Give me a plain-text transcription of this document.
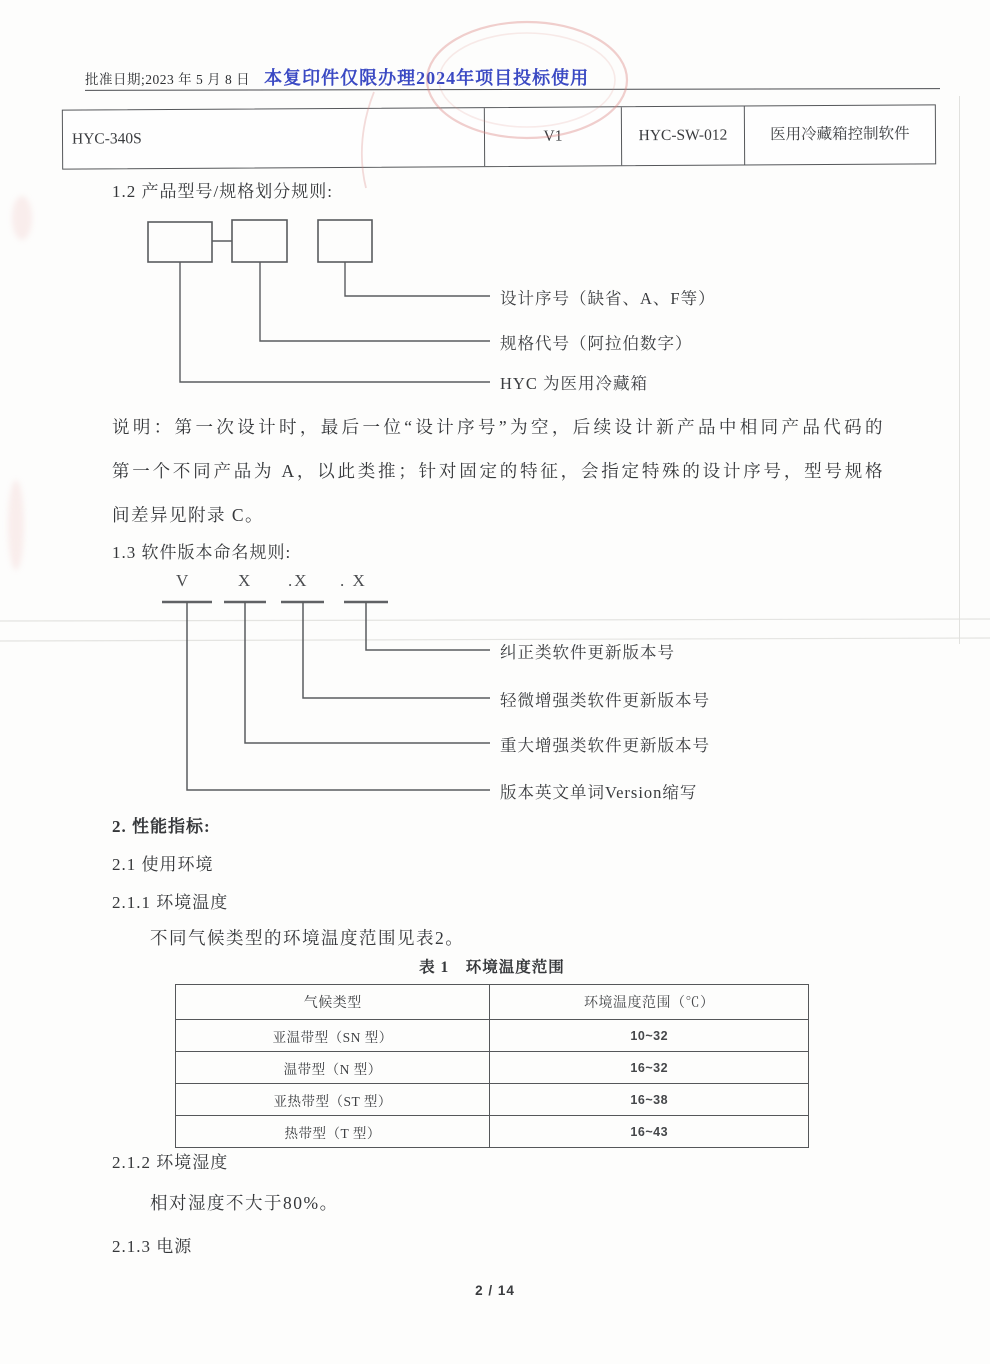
批准日期;2023 年 5 月 8 日 本复印件仅限办理2024年项目投标使用
HYC-340S	V1	HYC-SW-012	医用冷藏箱控制软件
1.2 产品型号/规格划分规则:
设计序号（缺省、A、F等）
规格代号（阿拉伯数字）
HYC 为医用冷藏箱
说明：第一次设计时，最后一位“设计序号”为空，后续设计新产品中相同产品代码的
第一个不同产品为 A，以此类推；针对固定的特征，会指定特殊的设计序号，型号规格
间差异见附录 C。
1.3 软件版本命名规则:
V	X .X . X
纠正类软件更新版本号
轻微增强类软件更新版本号
重大增强类软件更新版本号
版本英文单词Version缩写
2. 性能指标:
2.1 使用环境
2.1.1 环境温度
不同气候类型的环境温度范围见表2。
表 1　环境温度范围
气候类型	环境温度范围（℃）
亚温带型（SN 型）	10~32
温带型（N 型）	16~32
亚热带型（ST 型）	16~38
热带型（T 型）	16~43
2.1.2 环境湿度
相对湿度不大于80%。
2.1.3 电源
2 / 14
